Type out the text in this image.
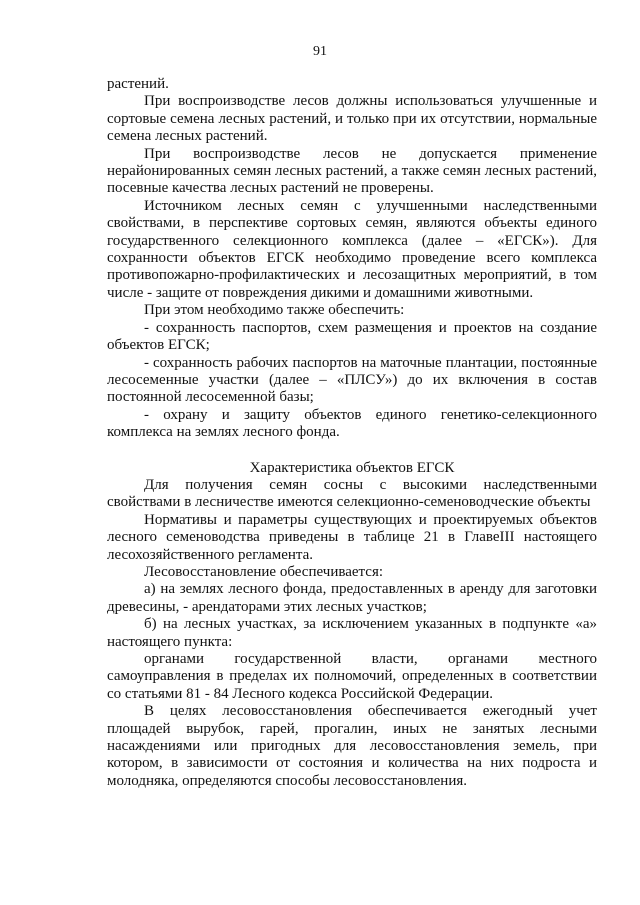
91

растений.

При воспроизводстве лесов должны использоваться улучшенные и сортовые семена лесных растений, и только при их отсутствии, нормальные семена лесных растений.

При воспроизводстве лесов не допускается применение нерайонированных семян лесных растений, а также семян лесных растений, посевные качества лесных растений не проверены.

Источником лесных семян с улучшенными наследственными свойствами, в перспективе сортовых семян, являются объекты единого государственного селекционного комплекса (далее – «ЕГСК»). Для сохранности объектов ЕГСК необходимо проведение всего комплекса противопожарно-профилактических и лесозащитных мероприятий, в том числе - защите от повреждения дикими и домашними животными.

При этом необходимо также обеспечить:

- сохранность паспортов, схем размещения и проектов на создание объектов ЕГСК;

- сохранность рабочих паспортов на маточные плантации, постоянные лесосеменные участки (далее – «ПЛСУ») до их включения в состав постоянной лесосеменной базы;

- охрану и защиту объектов единого генетико-селекционного комплекса на землях лесного фонда.

Характеристика объектов ЕГСК

Для получения семян сосны с высокими наследственными свойствами в лесничестве имеются селекционно-семеноводческие объекты

Нормативы и параметры существующих и проектируемых объектов лесного семеноводства приведены в таблице 21 в ГлавеIII настоящего лесохозяйственного регламента.

Лесовосстановление обеспечивается:

а) на землях лесного фонда, предоставленных в аренду для заготовки древесины, - арендаторами этих лесных участков;

б) на лесных участках, за исключением указанных в подпункте «а» настоящего пункта:

органами государственной власти, органами местного самоуправления в пределах их полномочий, определенных в соответствии со статьями 81 - 84 Лесного кодекса Российской Федерации.

В целях лесовосстановления обеспечивается ежегодный учет площадей вырубок, гарей, прогалин, иных не занятых лесными насаждениями или пригодных для лесовосстановления земель, при котором, в зависимости от состояния и количества на них подроста и молодняка, определяются способы лесовосстановления.
